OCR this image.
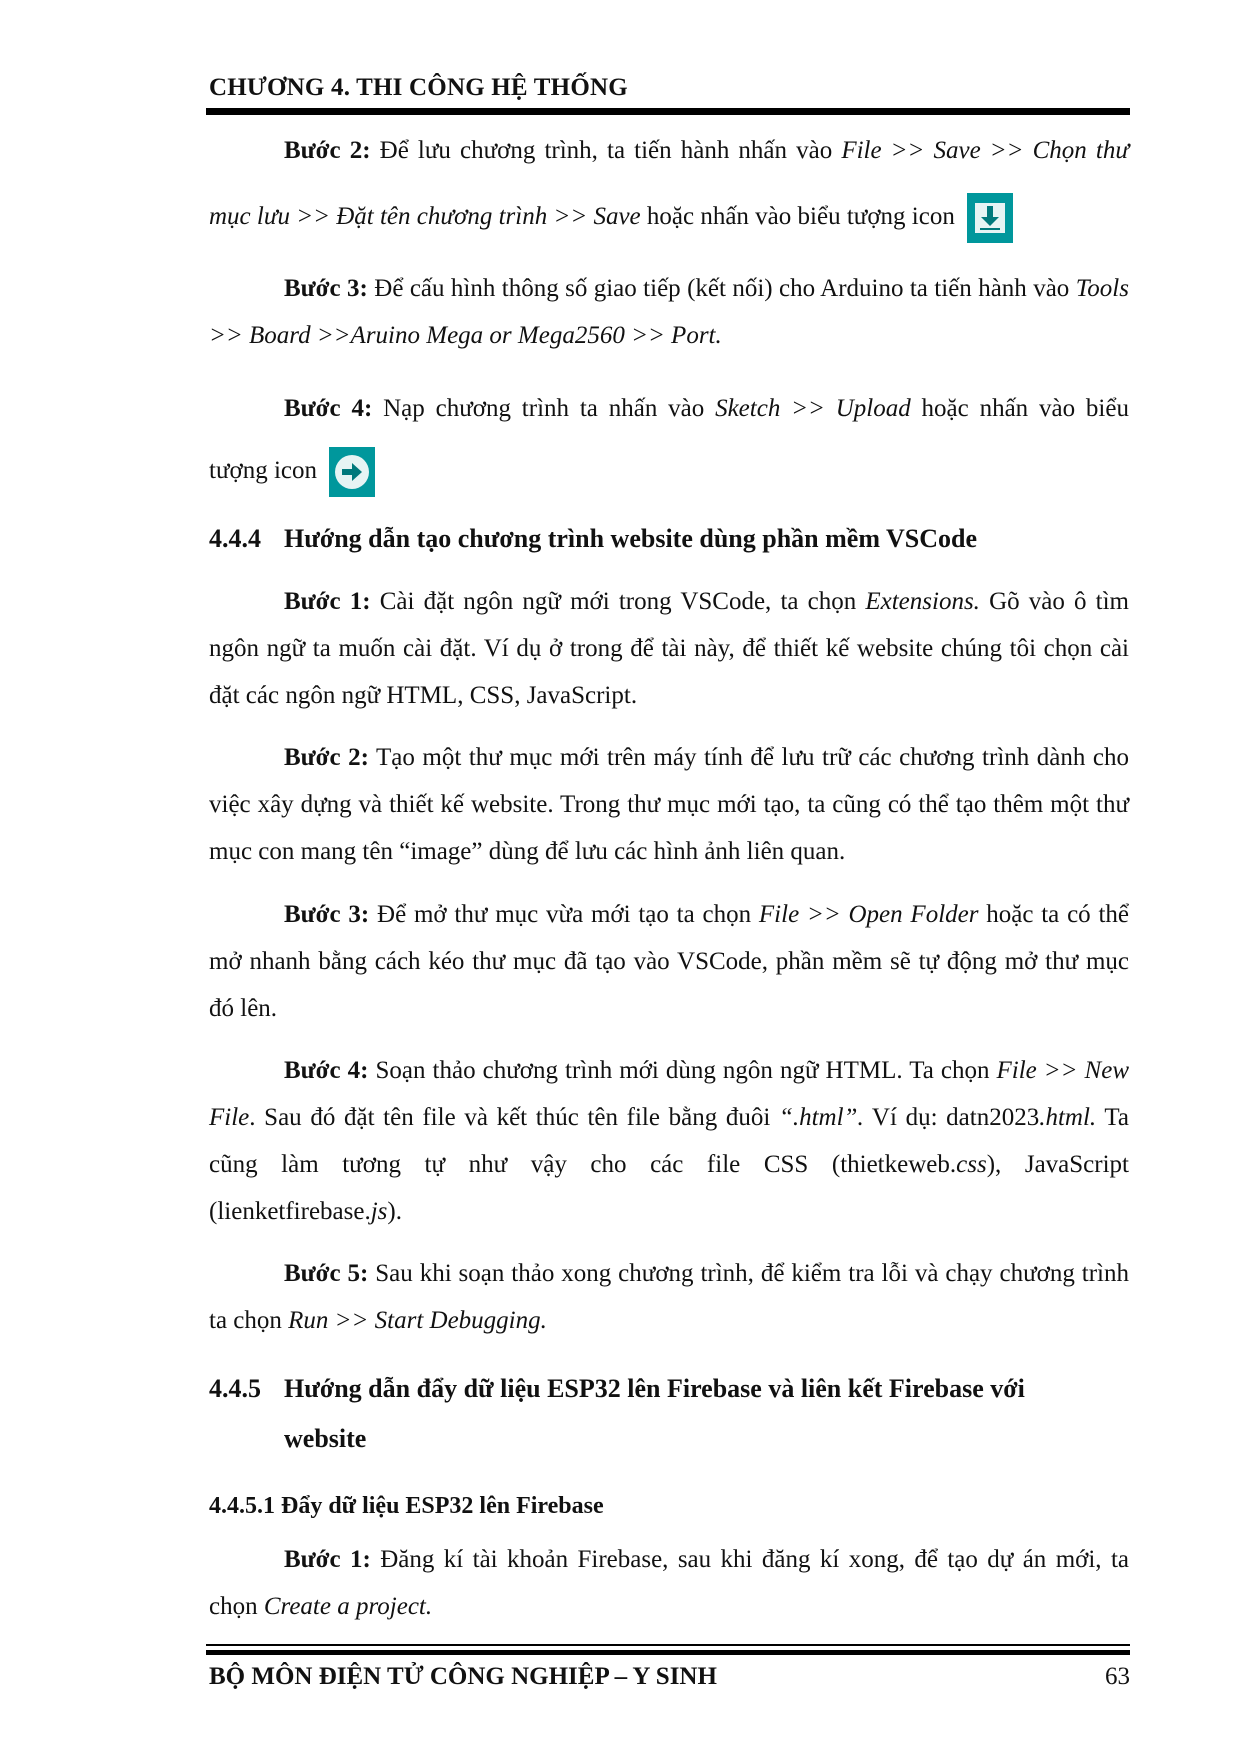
CHƯƠNG 4. THI CÔNG HỆ THỐNG

Bước 2: Để lưu chương trình, ta tiến hành nhấn vào File >> Save >> Chọn thư mục lưu >> Đặt tên chương trình >> Save hoặc nhấn vào biểu tượng icon

Bước 3: Để cấu hình thông số giao tiếp (kết nối) cho Arduino ta tiến hành vào Tools >> Board >>Aruino Mega or Mega2560 >> Port.

Bước 4: Nạp chương trình ta nhấn vào Sketch >> Upload hoặc nhấn vào biểu tượng icon

4.4.4 Hướng dẫn tạo chương trình website dùng phần mềm VSCode

Bước 1: Cài đặt ngôn ngữ mới trong VSCode, ta chọn Extensions. Gõ vào ô tìm ngôn ngữ ta muốn cài đặt. Ví dụ ở trong để tài này, để thiết kế website chúng tôi chọn cài đặt các ngôn ngữ HTML, CSS, JavaScript.

Bước 2: Tạo một thư mục mới trên máy tính để lưu trữ các chương trình dành cho việc xây dựng và thiết kế website. Trong thư mục mới tạo, ta cũng có thể tạo thêm một thư mục con mang tên “image” dùng để lưu các hình ảnh liên quan.

Bước 3: Để mở thư mục vừa mới tạo ta chọn File >> Open Folder hoặc ta có thể mở nhanh bằng cách kéo thư mục đã tạo vào VSCode, phần mềm sẽ tự động mở thư mục đó lên.

Bước 4: Soạn thảo chương trình mới dùng ngôn ngữ HTML. Ta chọn File >> New File. Sau đó đặt tên file và kết thúc tên file bằng đuôi “.html”. Ví dụ: datn2023.html. Ta cũng làm tương tự như vậy cho các file CSS (thietkeweb.css), JavaScript (lienketfirebase.js).

Bước 5: Sau khi soạn thảo xong chương trình, để kiểm tra lỗi và chạy chương trình ta chọn Run >> Start Debugging.

4.4.5 Hướng dẫn đẩy dữ liệu ESP32 lên Firebase và liên kết Firebase với
website
4.4.5.1 Đẩy dữ liệu ESP32 lên Firebase

Bước 1: Đăng kí tài khoản Firebase, sau khi đăng kí xong, để tạo dự án mới, ta chọn Create a project.

BỘ MÔN ĐIỆN TỬ CÔNG NGHIỆP – Y SINH	63
